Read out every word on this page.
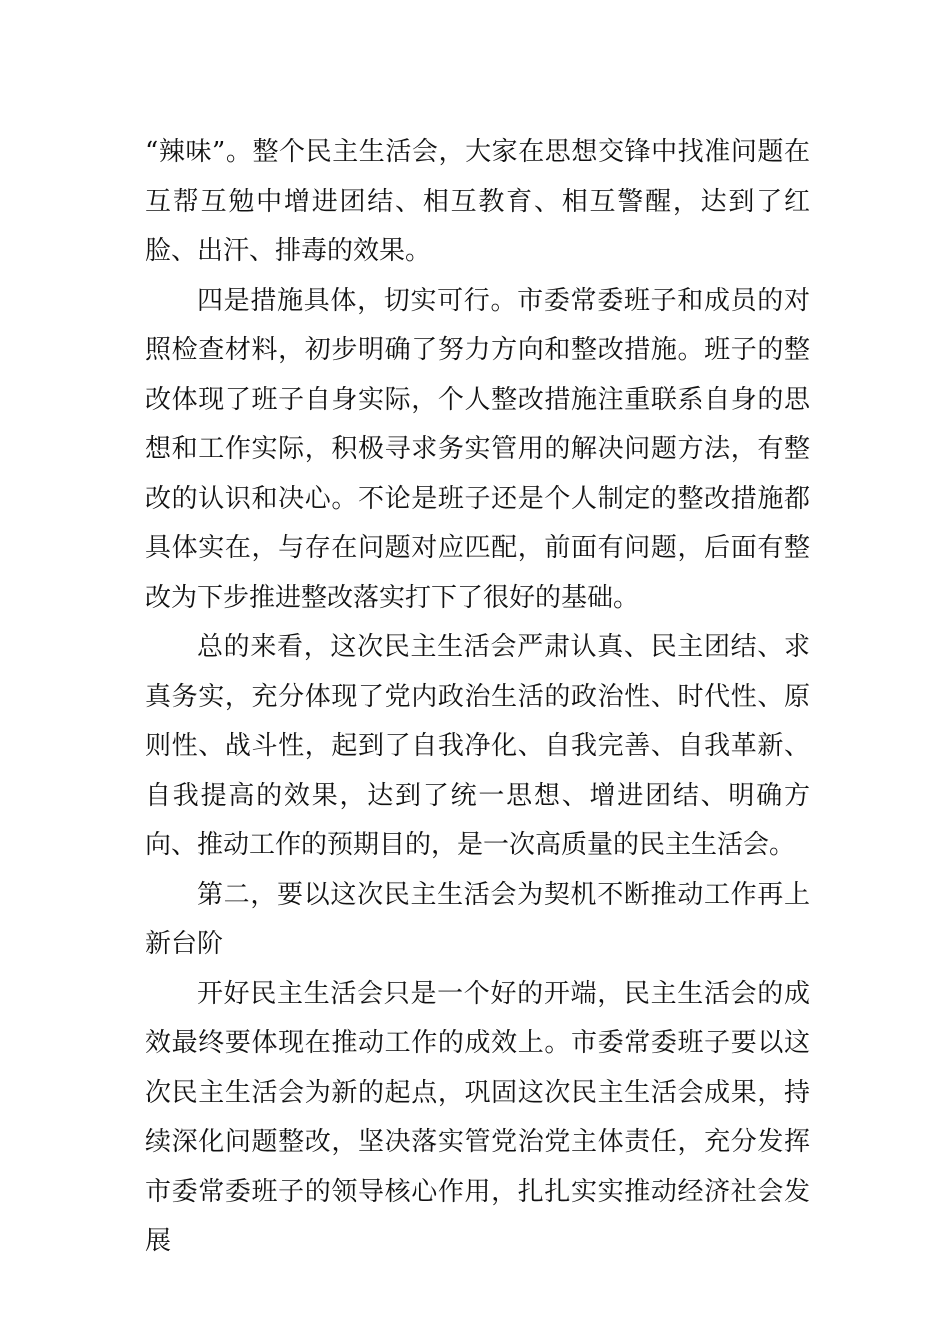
“辣味”。整个民主生活会，大家在思想交锋中找准问题在互帮互勉中增进团结、相互教育、相互警醒，达到了红脸、出汗、排毒的效果。

四是措施具体，切实可行。市委常委班子和成员的对照检查材料，初步明确了努力方向和整改措施。班子的整改体现了班子自身实际，个人整改措施注重联系自身的思想和工作实际，积极寻求务实管用的解决问题方法，有整改的认识和决心。不论是班子还是个人制定的整改措施都具体实在，与存在问题对应匹配，前面有问题，后面有整改为下步推进整改落实打下了很好的基础。

总的来看，这次民主生活会严肃认真、民主团结、求真务实，充分体现了党内政治生活的政治性、时代性、原则性、战斗性，起到了自我净化、自我完善、自我革新、自我提高的效果，达到了统一思想、增进团结、明确方向、推动工作的预期目的，是一次高质量的民主生活会。

第二，要以这次民主生活会为契机不断推动工作再上新台阶

开好民主生活会只是一个好的开端，民主生活会的成效最终要体现在推动工作的成效上。市委常委班子要以这次民主生活会为新的起点，巩固这次民主生活会成果，持续深化问题整改，坚决落实管党治党主体责任，充分发挥市委常委班子的领导核心作用，扎扎实实推动经济社会发展
